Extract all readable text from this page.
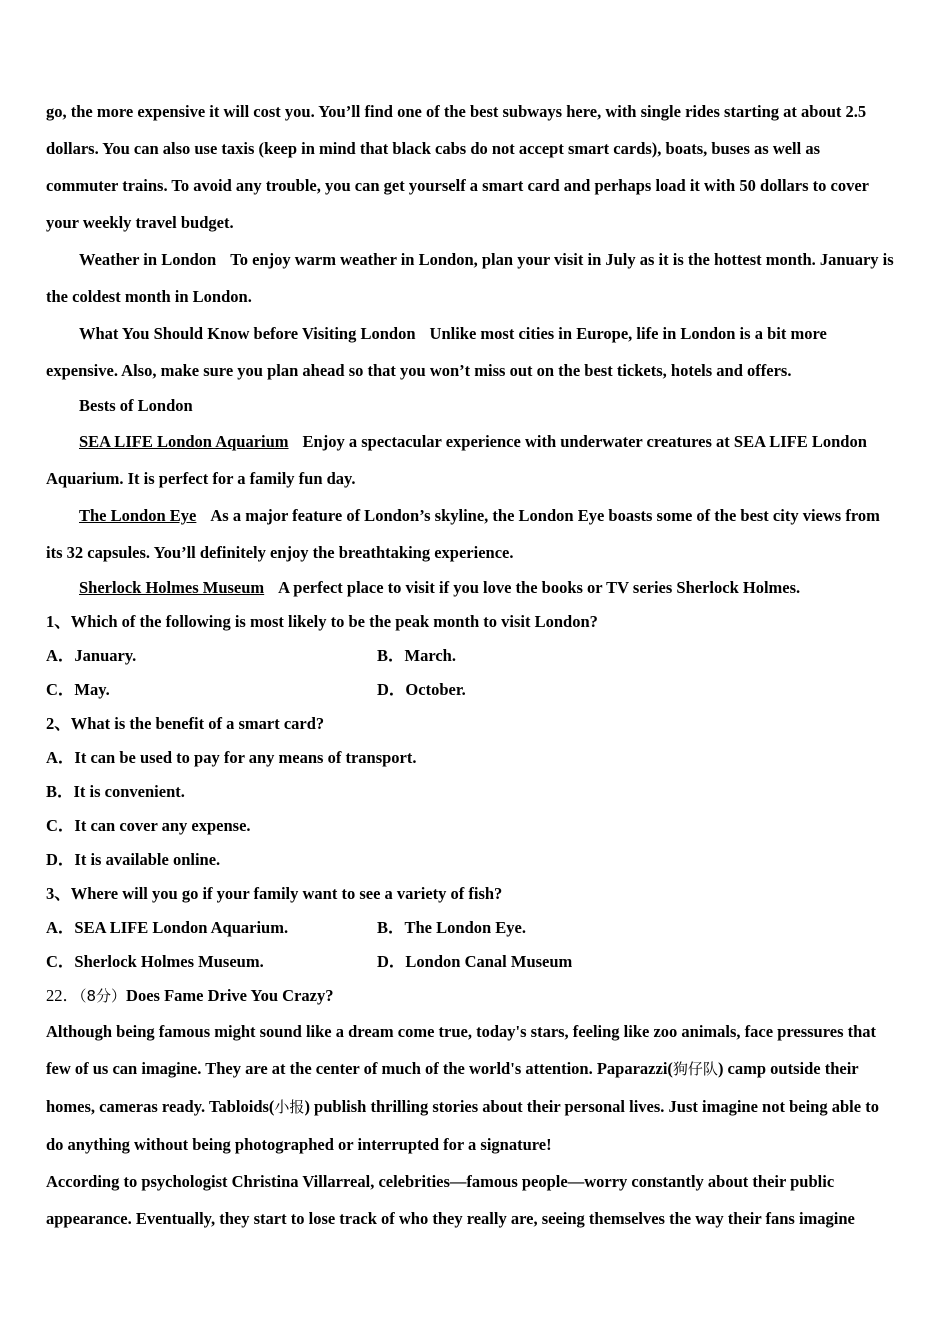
go, the more expensive it will cost you. You’ll find one of the best subways here, with single rides starting at about 2.5 dollars. You can also use taxis (keep in mind that black cabs do not accept smart cards), boats, buses as well as commuter trains. To avoid any trouble, you can get yourself a smart card and perhaps load it with 50 dollars to cover your weekly travel budget.

Weather in London To enjoy warm weather in London, plan your visit in July as it is the hottest month. January is the coldest month in London.

What You Should Know before Visiting London Unlike most cities in Europe, life in London is a bit more expensive. Also, make sure you plan ahead so that you won’t miss out on the best tickets, hotels and offers.

Bests of London

SEA LIFE London Aquarium Enjoy a spectacular experience with underwater creatures at SEA LIFE London Aquarium. It is perfect for a family fun day.

The London Eye As a major feature of London’s skyline, the London Eye boasts some of the best city views from its 32 capsules. You’ll definitely enjoy the breathtaking experience.

Sherlock Holmes Museum A perfect place to visit if you love the books or TV series Sherlock Holmes.

1、Which of the following is most likely to be the peak month to visit London?

A．January.	B．March.
C．May.	D．October.

2、What is the benefit of a smart card?

A．It can be used to pay for any means of transport.

B．It is convenient.

C．It can cover any expense.

D．It is available online.

3、Where will you go if your family want to see a variety of fish?

A．SEA LIFE London Aquarium.	B．The London Eye.
C．Sherlock Holmes Museum.	D．London Canal Museum

22．（8分）Does Fame Drive You Crazy?

Although being famous might sound like a dream come true, today's stars, feeling like zoo animals, face pressures that few of us can imagine. They are at the center of much of the world's attention. Paparazzi(狗仔队) camp outside their homes, cameras ready. Tabloids(小报) publish thrilling stories about their personal lives. Just imagine not being able to do anything without being photographed or interrupted for a signature!

According to psychologist Christina Villarreal, celebrities—famous people—worry constantly about their public appearance. Eventually, they start to lose track of who they really are, seeing themselves the way their fans imagine
